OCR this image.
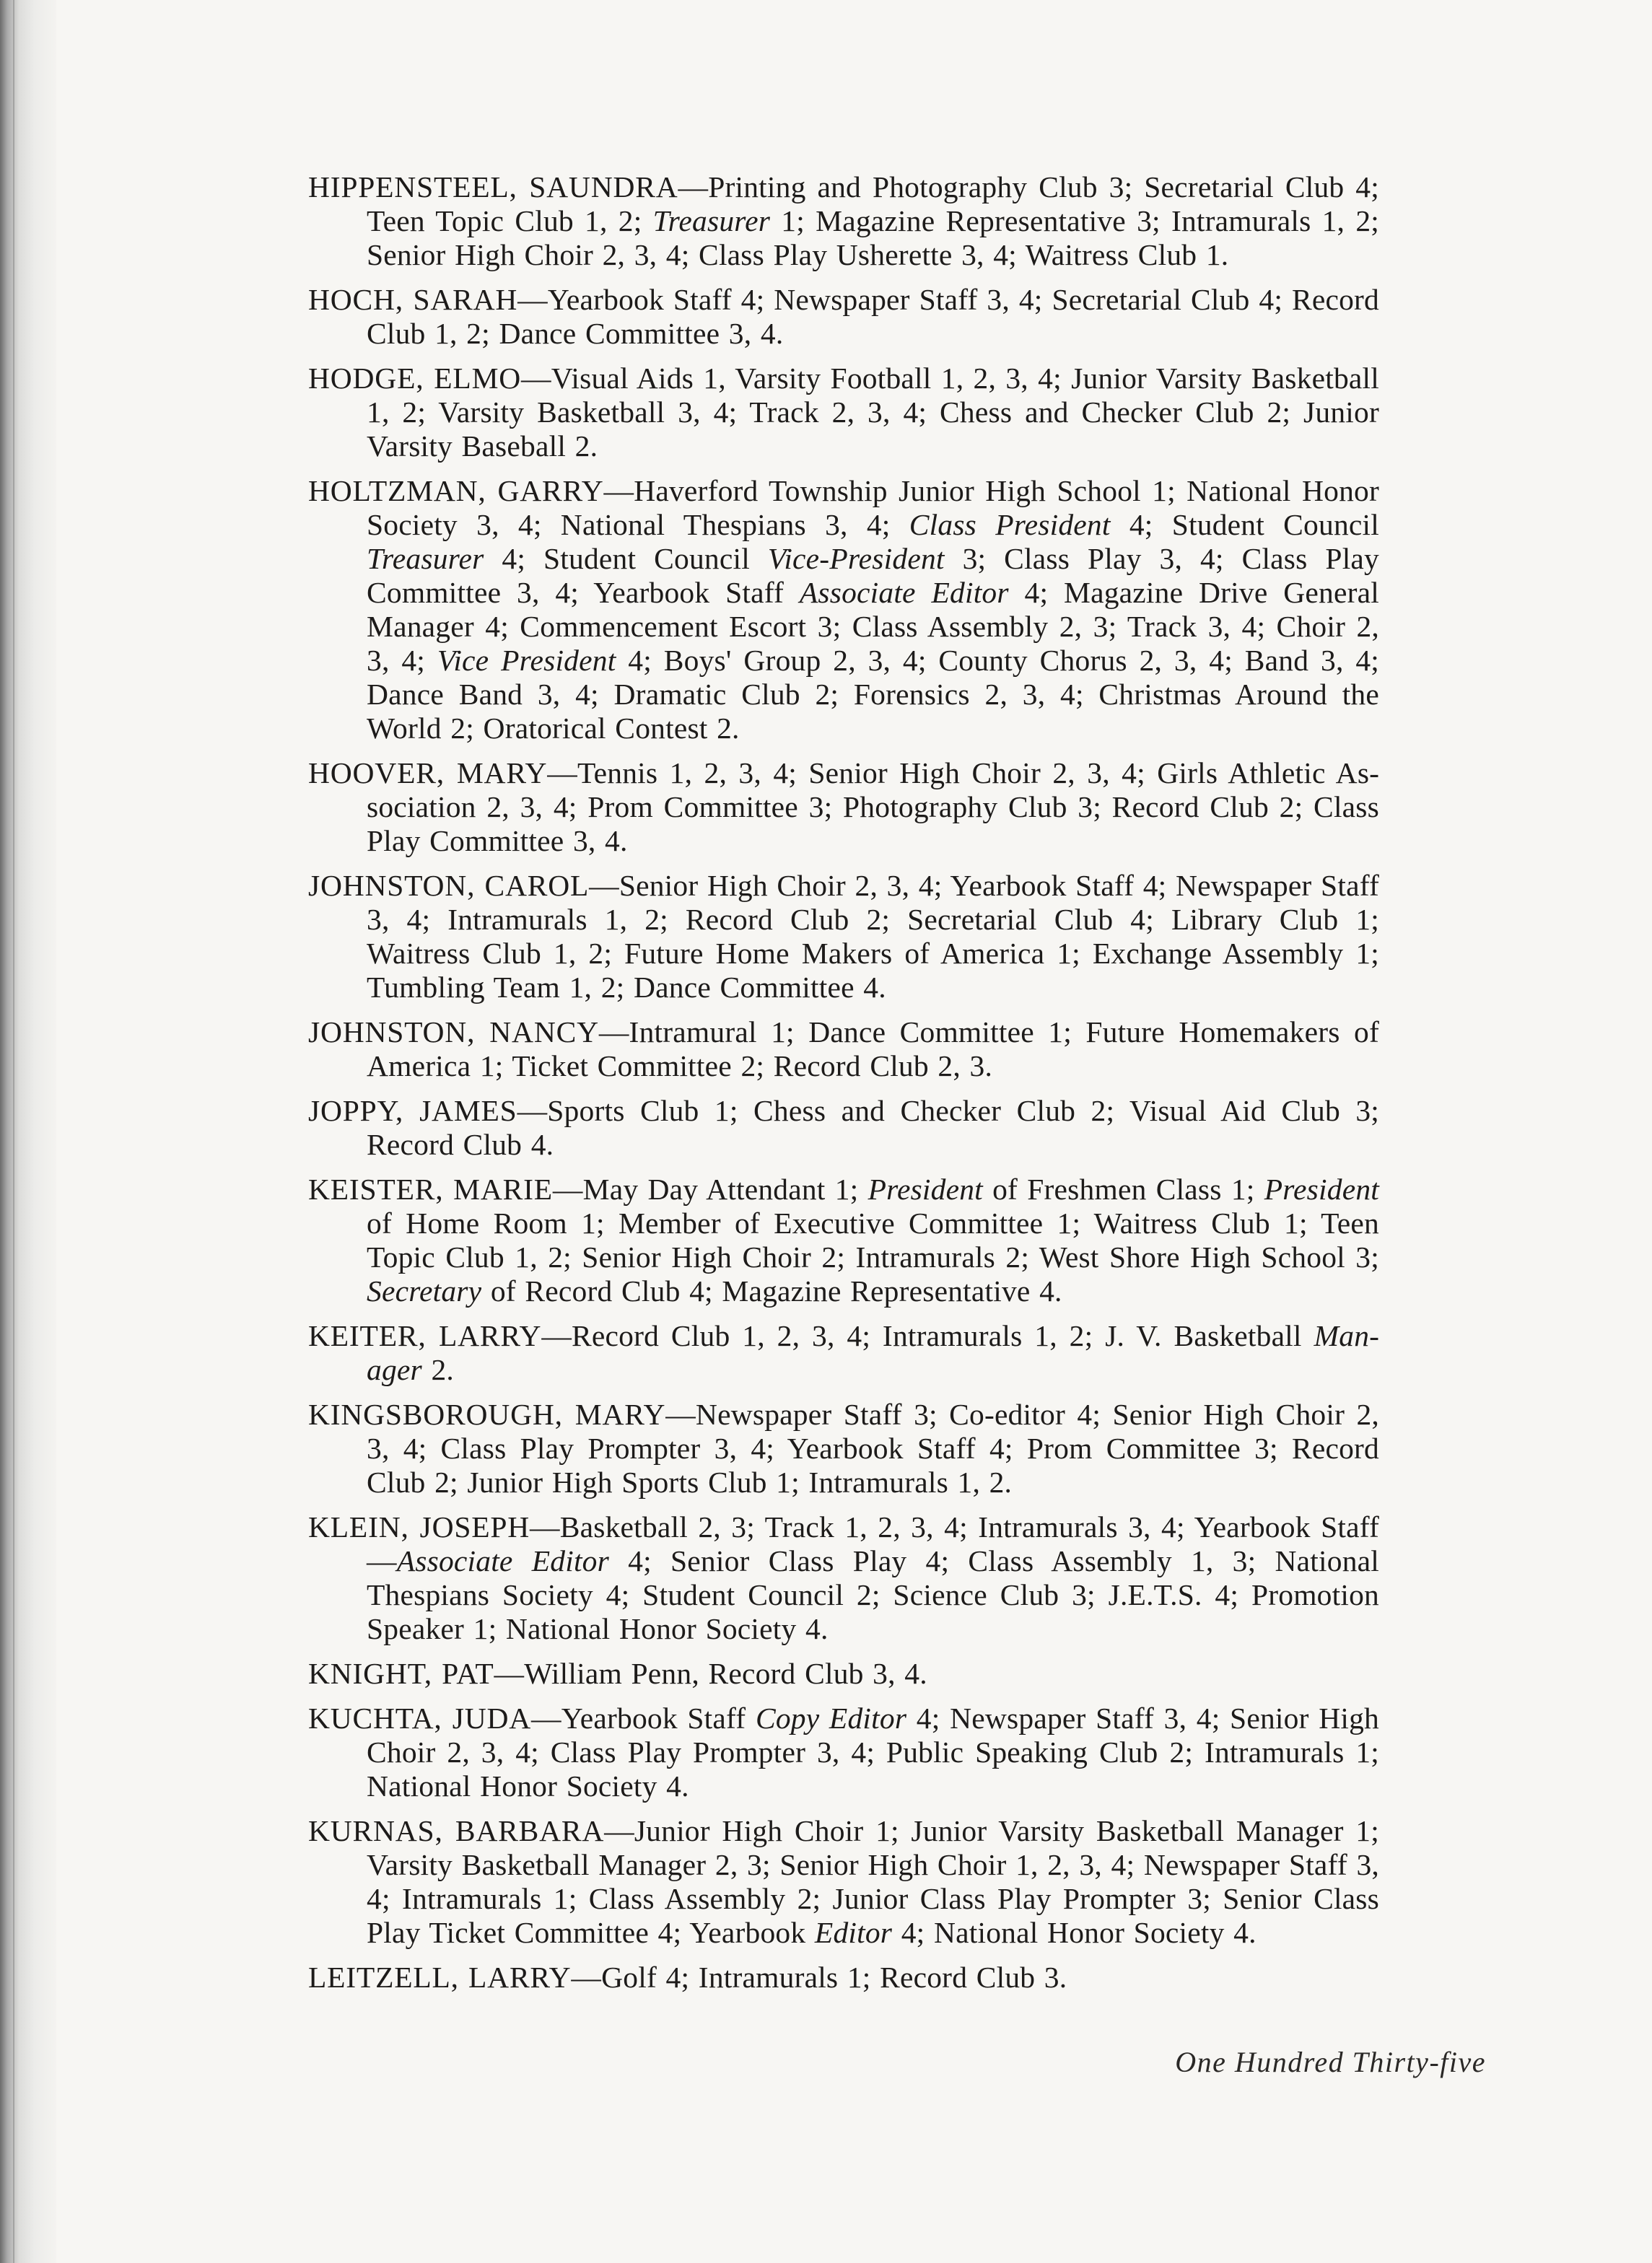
HIPPENSTEEL, SAUNDRA—Printing and Photography Club 3; Secretarial Club 4; Teen Topic Club 1, 2; Treasurer 1; Magazine Representative 3; Intramurals 1, 2; Senior High Choir 2, 3, 4; Class Play Usherette 3, 4; Waitress Club 1.

HOCH, SARAH—Yearbook Staff 4; Newspaper Staff 3, 4; Secretarial Club 4; Record Club 1, 2; Dance Committee 3, 4.

HODGE, ELMO—Visual Aids 1, Varsity Football 1, 2, 3, 4; Junior Varsity Basketball 1, 2; Varsity Basketball 3, 4; Track 2, 3, 4; Chess and Checker Club 2; Junior Varsity Baseball 2.

HOLTZMAN, GARRY—Haverford Township Junior High School 1; National Honor Society 3, 4; National Thespians 3, 4; Class President 4; Student Council Treasurer 4; Student Council Vice-President 3; Class Play 3, 4; Class Play Committee 3, 4; Yearbook Staff Associate Editor 4; Magazine Drive General Manager 4; Commencement Escort 3; Class Assembly 2, 3; Track 3, 4; Choir 2, 3, 4; Vice President 4; Boys' Group 2, 3, 4; County Chorus 2, 3, 4; Band 3, 4; Dance Band 3, 4; Dramatic Club 2; Forensics 2, 3, 4; Christmas Around the World 2; Oratorical Contest 2.

HOOVER, MARY—Tennis 1, 2, 3, 4; Senior High Choir 2, 3, 4; Girls Athletic Association 2, 3, 4; Prom Committee 3; Photography Club 3; Record Club 2; Class Play Committee 3, 4.

JOHNSTON, CAROL—Senior High Choir 2, 3, 4; Yearbook Staff 4; Newspaper Staff 3, 4; Intramurals 1, 2; Record Club 2; Secretarial Club 4; Library Club 1; Waitress Club 1, 2; Future Home Makers of America 1; Exchange Assembly 1; Tumbling Team 1, 2; Dance Committee 4.

JOHNSTON, NANCY—Intramural 1; Dance Committee 1; Future Homemakers of America 1; Ticket Committee 2; Record Club 2, 3.

JOPPY, JAMES—Sports Club 1; Chess and Checker Club 2; Visual Aid Club 3; Record Club 4.

KEISTER, MARIE—May Day Attendant 1; President of Freshmen Class 1; President of Home Room 1; Member of Executive Committee 1; Waitress Club 1; Teen Topic Club 1, 2; Senior High Choir 2; Intramurals 2; West Shore High School 3; Secretary of Record Club 4; Magazine Representative 4.

KEITER, LARRY—Record Club 1, 2, 3, 4; Intramurals 1, 2; J. V. Basketball Manager 2.

KINGSBOROUGH, MARY—Newspaper Staff 3; Co-editor 4; Senior High Choir 2, 3, 4; Class Play Prompter 3, 4; Yearbook Staff 4; Prom Committee 3; Record Club 2; Junior High Sports Club 1; Intramurals 1, 2.

KLEIN, JOSEPH—Basketball 2, 3; Track 1, 2, 3, 4; Intramurals 3, 4; Yearbook Staff—Associate Editor 4; Senior Class Play 4; Class Assembly 1, 3; National Thespians Society 4; Student Council 2; Science Club 3; J.E.T.S. 4; Promotion Speaker 1; National Honor Society 4.

KNIGHT, PAT—William Penn, Record Club 3, 4.

KUCHTA, JUDA—Yearbook Staff Copy Editor 4; Newspaper Staff 3, 4; Senior High Choir 2, 3, 4; Class Play Prompter 3, 4; Public Speaking Club 2; Intramurals 1; National Honor Society 4.

KURNAS, BARBARA—Junior High Choir 1; Junior Varsity Basketball Manager 1; Varsity Basketball Manager 2, 3; Senior High Choir 1, 2, 3, 4; Newspaper Staff 3, 4; Intramurals 1; Class Assembly 2; Junior Class Play Prompter 3; Senior Class Play Ticket Committee 4; Yearbook Editor 4; National Honor Society 4.

LEITZELL, LARRY—Golf 4; Intramurals 1; Record Club 3.

One Hundred Thirty-five
